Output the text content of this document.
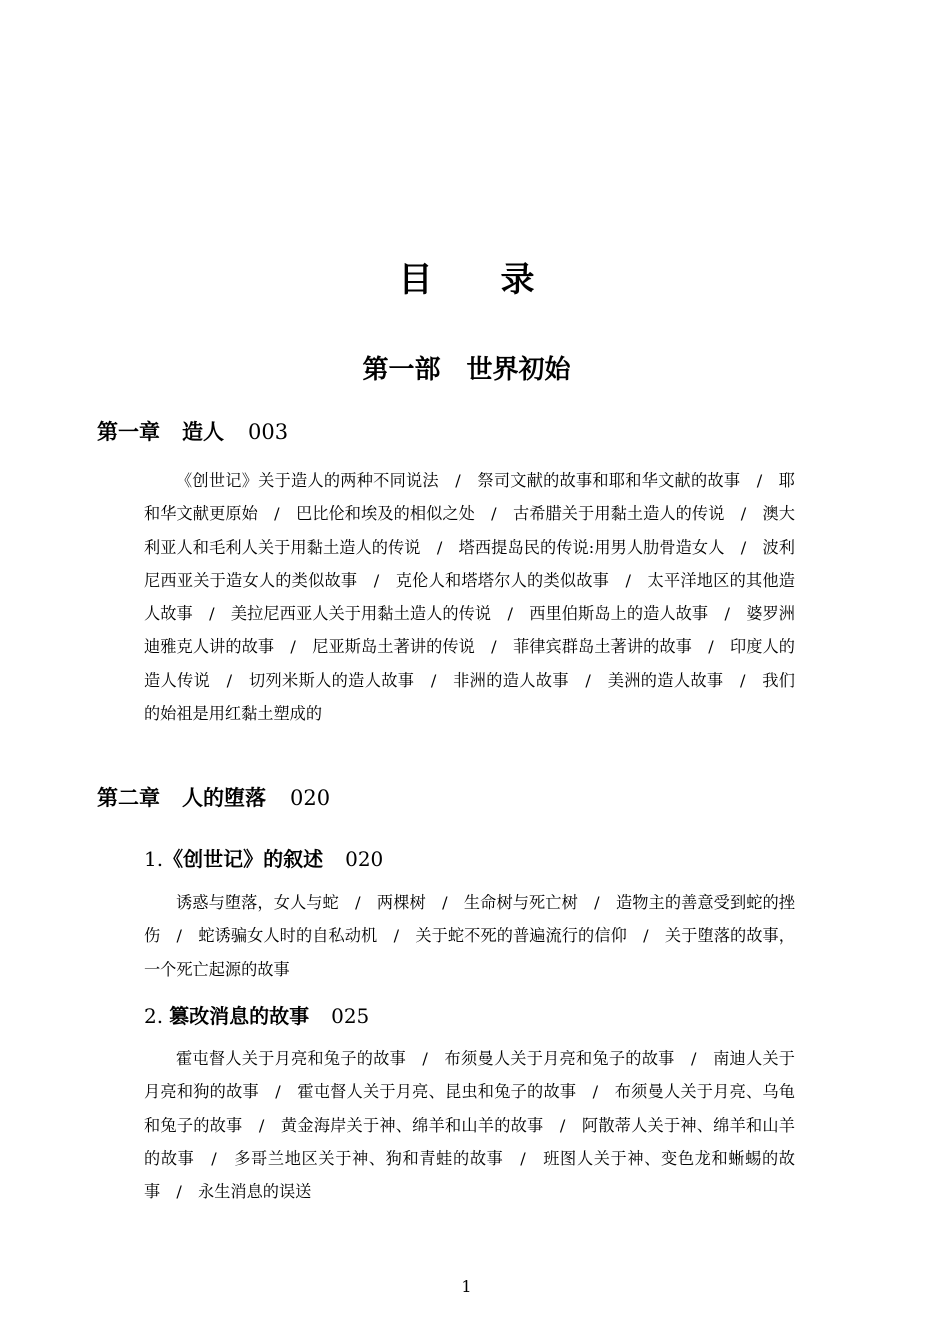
目录
第一部　世界初始
第一章 造人 003
《创世记》关于造人的两种不同说法　/　祭司文献的故事和耶和华文献的故事　/　耶和华文献更原始　/　巴比伦和埃及的相似之处　/　古希腊关于用黏土造人的传说　/　澳大利亚人和毛利人关于用黏土造人的传说　/　塔西提岛民的传说:用男人肋骨造女人　/　波利尼西亚关于造女人的类似故事　/　克伦人和塔塔尔人的类似故事　/　太平洋地区的其他造人故事　/　美拉尼西亚人关于用黏土造人的传说　/　西里伯斯岛上的造人故事　/　婆罗洲迪雅克人讲的故事　/　尼亚斯岛土著讲的传说　/　菲律宾群岛土著讲的故事　/　印度人的造人传说　/　切列米斯人的造人故事　/　非洲的造人故事　/　美洲的造人故事　/　我们的始祖是用红黏土塑成的
第二章 人的堕落 020
1.《创世记》的叙述 020
诱惑与堕落，女人与蛇　/　两棵树　/　生命树与死亡树　/　造物主的善意受到蛇的挫伤　/　蛇诱骗女人时的自私动机　/　关于蛇不死的普遍流行的信仰　/　关于堕落的故事，一个死亡起源的故事
2. 篡改消息的故事 025
霍屯督人关于月亮和兔子的故事　/　布须曼人关于月亮和兔子的故事　/　南迪人关于月亮和狗的故事　/　霍屯督人关于月亮、昆虫和兔子的故事　/　布须曼人关于月亮、乌龟和兔子的故事　/　黄金海岸关于神、绵羊和山羊的故事　/　阿散蒂人关于神、绵羊和山羊的故事　/　多哥兰地区关于神、狗和青蛙的故事　/　班图人关于神、变色龙和蜥蜴的故事　/　永生消息的误送
1
